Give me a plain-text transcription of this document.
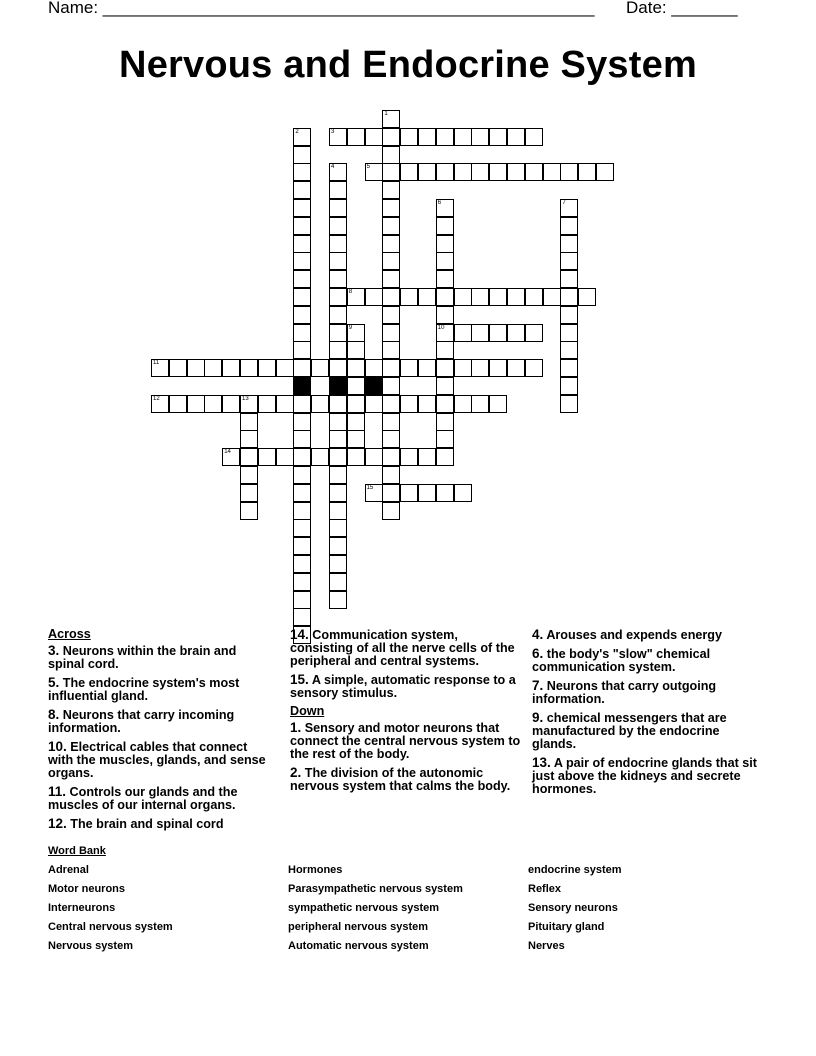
Name: ____________________________________________________

Date: _______

Nervous and Endocrine System
1
2	3
4	5
6
10
7
8
9
11
12	13
14
15
Across
3. Neurons within the brain and spinal cord.
5. The endocrine system's most influential gland.
8. Neurons that carry incoming information.
10. Electrical cables that connect with the muscles, glands, and sense organs.
11. Controls our glands and the muscles of our internal organs.
12. The brain and spinal cord
14. Communication system, consisting of all the nerve cells of the peripheral and central systems.
15. A simple, automatic response to a sensory stimulus.
Down
1. Sensory and motor neurons that connect the central nervous system to the rest of the body.
2. The division of the autonomic nervous system that calms the body.
4. Arouses and expends energy
6. the body's "slow" chemical communication system.
7. Neurons that carry outgoing information.
9. chemical messengers that are manufactured by the endocrine glands.
13. A pair of endocrine glands that sit just above the kidneys and secrete hormones.
Word Bank
Adrenal
Motor neurons
Interneurons
Central nervous system
Nervous system
Hormones
Parasympathetic nervous system
sympathetic nervous system
peripheral nervous system
Automatic nervous system
endocrine system
Reflex
Sensory neurons
Pituitary gland
Nerves
